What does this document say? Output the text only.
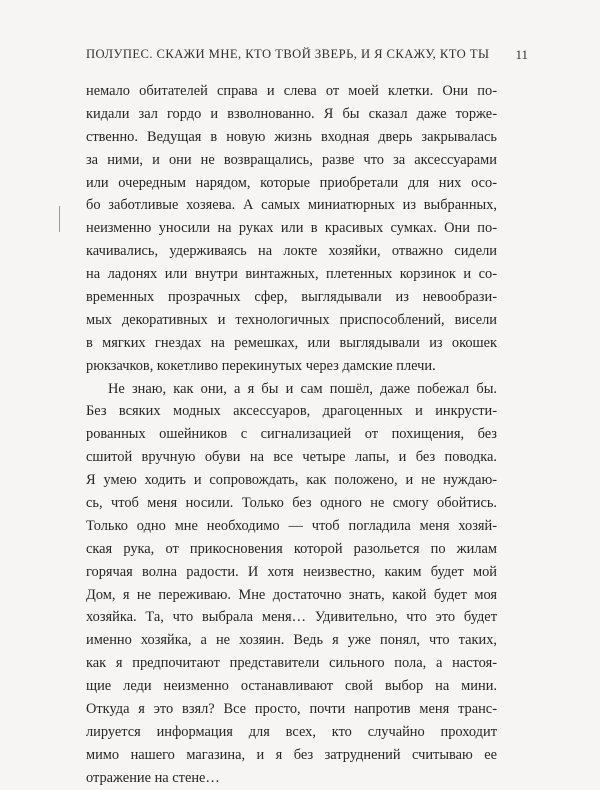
ПОЛУПЕС. СКАЖИ МНЕ, КТО ТВОЙ ЗВЕРЬ, И Я СКАЖУ, КТО ТЫ 11
немало обитателей справа и слева от моей клетки. Они по-
кидали зал гордо и взволнованно. Я бы сказал даже торже-
ственно. Ведущая в новую жизнь входная дверь закрывалась
за ними, и они не возвращались, разве что за аксессуарами
или очередным нарядом, которые приобретали для них осо-
бо заботливые хозяева. А самых миниатюрных из выбранных,
неизменно уносили на руках или в красивых сумках. Они по-
качивались, удерживаясь на локте хозяйки, отважно сидели
на ладонях или внутри винтажных, плетенных корзинок и со-
временных прозрачных сфер, выглядывали из невообрази-
мых декоративных и технологичных приспособлений, висели
в мягких гнездах на ремешках, или выглядывали из окошек
рюкзачков, кокетливо перекинутых через дамские плечи.
Не знаю, как они, а я бы и сам пошёл, даже побежал бы.
Без всяких модных аксессуаров, драгоценных и инкрусти-
рованных ошейников с сигнализацией от похищения, без
сшитой вручную обуви на все четыре лапы, и без поводка.
Я умею ходить и сопровождать, как положено, и не нуждаю-
сь, чтоб меня носили. Только без одного не смогу обойтись.
Только одно мне необходимо — чтоб погладила меня хозяй-
ская рука, от прикосновения которой разольется по жилам
горячая волна радости. И хотя неизвестно, каким будет мой
Дом, я не переживаю. Мне достаточно знать, какой будет моя
хозяйка. Та, что выбрала меня… Удивительно, что это будет
именно хозяйка, а не хозяин. Ведь я уже понял, что таких,
как я предпочитают представители сильного пола, а настоя-
щие леди неизменно останавливают свой выбор на мини.
Откуда я это взял? Все просто, почти напротив меня транс-
лируется информация для всех, кто случайно проходит
мимо нашего магазина, и я без затруднений считываю ее
отражение на стене…
